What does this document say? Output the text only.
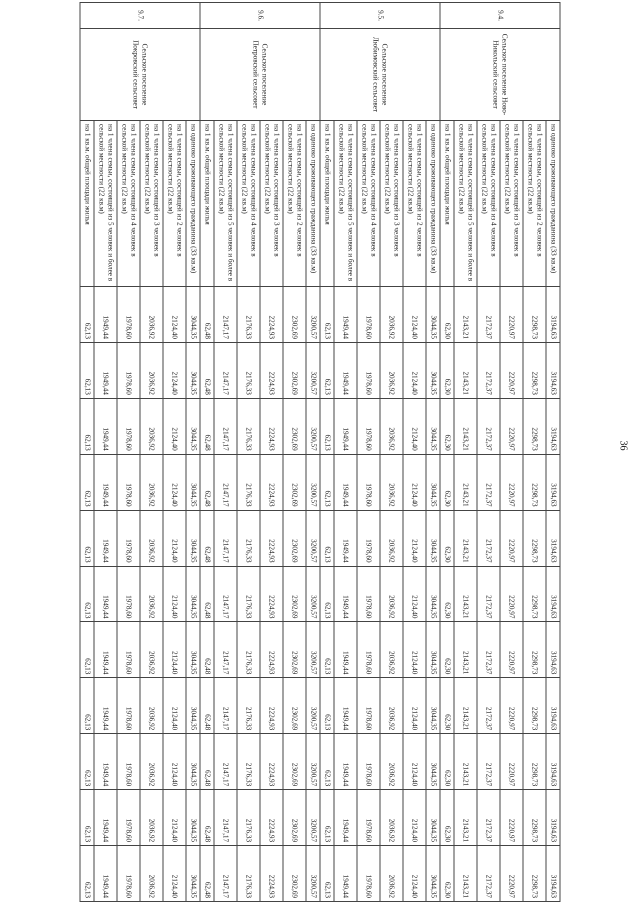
36
9.4.	Сельское поселение Ново-Никольский сельсовет	на одиноко проживающего гражданина (33 кв.м)	3194,63	3194,63	3194,63	3194,63	3194,63	3194,63	3194,63	3194,63	3194,63	3194,63	3194,63
		на 1 члена семьи, состоящей из 2 человек в сельской местности (22 кв.м)	2298,73	2298,73	2298,73	2298,73	2298,73	2298,73	2298,73	2298,73	2298,73	2298,73	2298,73
		на 1 члена семьи, состоящей из 3 человек в сельской местности (22 кв.м)	2220,97	2220,97	2220,97	2220,97	2220,97	2220,97	2220,97	2220,97	2220,97	2220,97	2220,97
		на 1 члена семьи, состоящей из 4 человек в сельской местности (22 кв.м)	2172,37	2172,37	2172,37	2172,37	2172,37	2172,37	2172,37	2172,37	2172,37	2172,37	2172,37
		на 1 члена семьи, состоящей из 5 человек и более в сельской местности (22 кв.м)	2143,21	2143,21	2143,21	2143,21	2143,21	2143,21	2143,21	2143,21	2143,21	2143,21	2143,21
		на 1 кв.м. общей площади жилья	62,30	62,30	62,30	62,30	62,30	62,30	62,30	62,30	62,30	62,30	62,30
9.5.	Сельское поселение Любимовский сельсовет	на одиноко проживающего гражданина (33 кв.м)	3044,35	3044,35	3044,35	3044,35	3044,35	3044,35	3044,35	3044,35	3044,35	3044,35	3044,35
		на 1 члена семьи, состоящей из 2 человек в сельской местности (22 кв.м)	2124,40	2124,40	2124,40	2124,40	2124,40	2124,40	2124,40	2124,40	2124,40	2124,40	2124,40
		на 1 члена семьи, состоящей из 3 человек в сельской местности (22 кв.м)	2036,92	2036,92	2036,92	2036,92	2036,92	2036,92	2036,92	2036,92	2036,92	2036,92	2036,92
		на 1 члена семьи, состоящей из 4 человек в сельской местности (22 кв.м)	1978,60	1978,60	1978,60	1978,60	1978,60	1978,60	1978,60	1978,60	1978,60	1978,60	1978,60
		на 1 члена семьи, состоящей из 5 человек и более в сельской местности (22 кв.м)	1949,44	1949,44	1949,44	1949,44	1949,44	1949,44	1949,44	1949,44	1949,44	1949,44	1949,44
		на 1 кв.м. общей площади жилья	62,13	62,13	62,13	62,13	62,13	62,13	62,13	62,13	62,13	62,13	62,13
9.6.	Сельское поселение Петровский сельсовет	на одиноко проживающего гражданина (33 кв.м)	3200,57	3200,57	3200,57	3200,57	3200,57	3200,57	3200,57	3200,57	3200,57	3200,57	3200,57
		на 1 члена семьи, состоящей из 2 человек в сельской местности (22 кв.м)	2302,69	2302,69	2302,69	2302,69	2302,69	2302,69	2302,69	2302,69	2302,69	2302,69	2302,69
		на 1 члена семьи, состоящей из 3 человек в сельской местности (22 кв.м)	2224,93	2224,93	2224,93	2224,93	2224,93	2224,93	2224,93	2224,93	2224,93	2224,93	2224,93
		на 1 члена семьи, состоящей из 4 человек в сельской местности (22 кв.м)	2176,33	2176,33	2176,33	2176,33	2176,33	2176,33	2176,33	2176,33	2176,33	2176,33	2176,33
		на 1 члена семьи, состоящей из 5 человек и более в сельской местности (22 кв.м)	2147,17	2147,17	2147,17	2147,17	2147,17	2147,17	2147,17	2147,17	2147,17	2147,17	2147,17
		на 1 кв.м. общей площади жилья	62,48	62,48	62,48	62,48	62,48	62,48	62,48	62,48	62,48	62,48	62,48
9.7.	Сельское поселение Покровский сельсовет	на одиноко проживающего гражданина (33 кв.м)	3044,35	3044,35	3044,35	3044,35	3044,35	3044,35	3044,35	3044,35	3044,35	3044,35	3044,35
		на 1 члена семьи, состоящей из 2 человек в сельской местности (22 кв.м)	2124,40	2124,40	2124,40	2124,40	2124,40	2124,40	2124,40	2124,40	2124,40	2124,40	2124,40
		на 1 члена семьи, состоящей из 3 человек в сельской местности (22 кв.м)	2036,92	2036,92	2036,92	2036,92	2036,92	2036,92	2036,92	2036,92	2036,92	2036,92	2036,92
		на 1 члена семьи, состоящей из 4 человек в сельской местности (22 кв.м)	1978,60	1978,60	1978,60	1978,60	1978,60	1978,60	1978,60	1978,60	1978,60	1978,60	1978,60
		на 1 члена семьи, состоящей из 5 человек и более в сельской местности (22 кв.м)	1949,44	1949,44	1949,44	1949,44	1949,44	1949,44	1949,44	1949,44	1949,44	1949,44	1949,44
		на 1 кв.м. общей площади жилья	62,13	62,13	62,13	62,13	62,13	62,13	62,13	62,13	62,13	62,13	62,13
